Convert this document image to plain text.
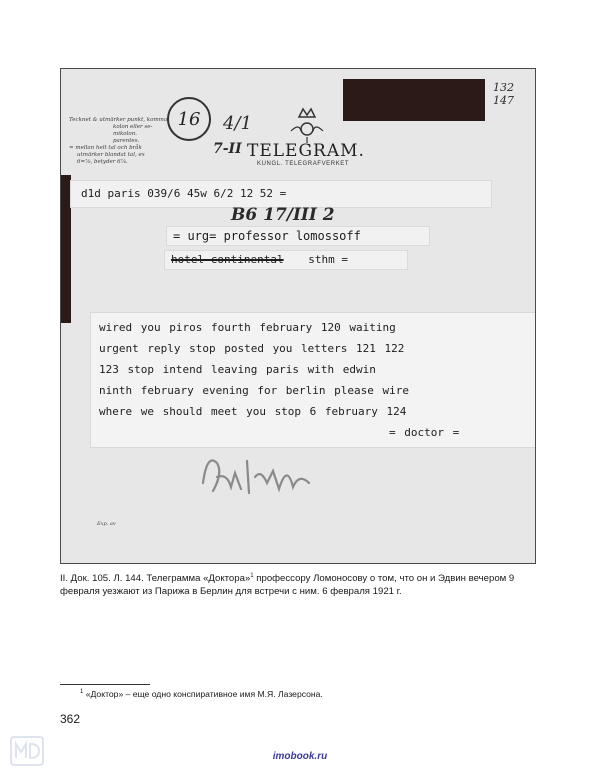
132 147
Tecknet & utmärker punkt, komma,
kolon eller se-
mikolon.
parentes.
= mellan helt tal och bråk
utmärker blandat tal, ex
6=⅞, betyder 6⅞.
16	4/1
7-II TELEGRAM.
KUNGL. TELEGRAFVERKET
d1d paris 039/6 45w 6/2 12 52 =
B6 17/III 2
= urg= professor lomossoff
hotel continental sthm =
wired you piros fourth february 120 waiting
urgent reply stop posted you letters 121 122
123 stop intend leaving paris with edwin
ninth february evening for berlin please wire
where we should meet you stop 6 february 124
= doctor =
Exp. av
II. Док. 105. Л. 144. Телеграмма «Доктора»$^1$ профессору Ломоносову о том, что он и Эдвин вечером 9 февраля уезжают из Парижа в Берлин для встречи с ним. 6 февраля 1921 г.
$^1$ «Доктор» – еще одно конспиративное имя М.Я. Лазерсона.
362
imobook.ru
